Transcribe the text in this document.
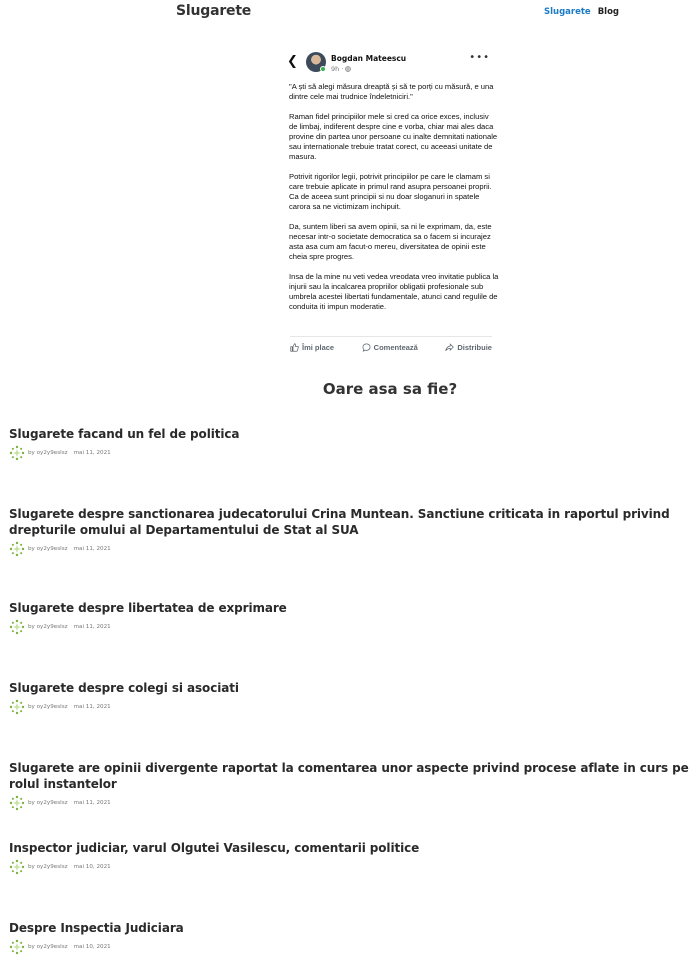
Slugarete	Slugarete Blog
❮	Bogdan Mateescu
9h ·
•••

"A ști să alegi măsura dreaptă și să te porți cu măsură, e una dintre cele mai trudnice îndeletniciri."

Raman fidel principiilor mele si cred ca orice exces, inclusiv de limbaj, indiferent despre cine e vorba, chiar mai ales daca provine din partea unor persoane cu inalte demnitati nationale sau internationale trebuie tratat corect, cu aceeasi unitate de masura.

Potrivit rigorilor legii, potrivit principiilor pe care le clamam si care trebuie aplicate in primul rand asupra persoanei proprii. Ca de aceea sunt principii si nu doar sloganuri in spatele carora sa ne victimizam inchipuit.

Da, suntem liberi sa avem opinii, sa ni le exprimam, da, este necesar intr-o societate democratica sa o facem si incurajez asta asa cum am facut-o mereu, diversitatea de opinii este cheia spre progres.

Insa de la mine nu veti vedea vreodata vreo invitatie publica la injurii sau la incalcarea propriilor obligatii profesionale sub umbrela acestei libertati fundamentale, atunci cand regulile de conduita iti impun moderatie.

Îmi place	Comentează	Distribuie
Oare asa sa fie?
Slugarete facand un fel de politica
by oy2y9eslsz mai 11, 2021
Slugarete despre sanctionarea judecatorului Crina Muntean. Sanctiune criticata in raportul privind drepturile omului al Departamentului de Stat al SUA
by oy2y9eslsz mai 11, 2021
Slugarete despre libertatea de exprimare
by oy2y9eslsz mai 11, 2021
Slugarete despre colegi si asociati
by oy2y9eslsz mai 11, 2021
Slugarete are opinii divergente raportat la comentarea unor aspecte privind procese aflate in curs pe rolul instantelor
by oy2y9eslsz mai 11, 2021
Inspector judiciar, varul Olgutei Vasilescu, comentarii politice
by oy2y9eslsz mai 10, 2021
Despre Inspectia Judiciara
by oy2y9eslsz mai 10, 2021
